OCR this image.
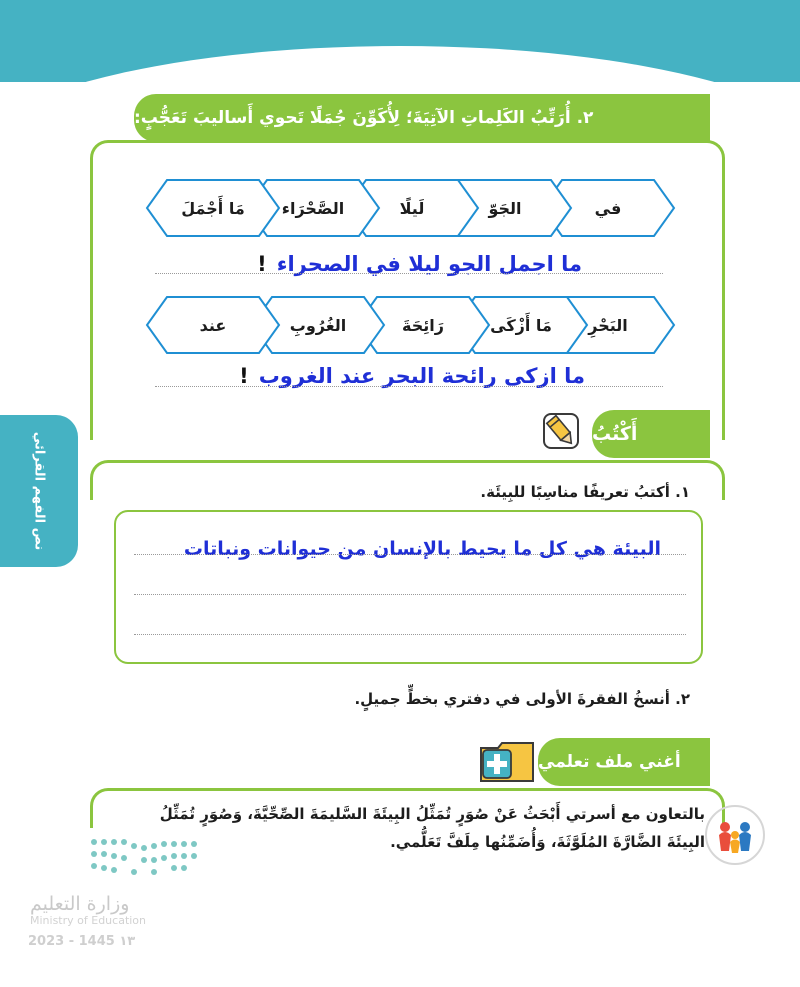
نص الفهم القرائي
٢. أُرَتِّبُ الكَلِماتِ الآتِيَةَ؛ لِأُكَوِّنَ جُمَلًا تَحوي أَساليبَ تَعَجُّبٍ:
في
الجَوّ
لَيلًا
الصَّحْرَاء
مَا أَجْمَلَ
ما اجمل الجو ليلا في الصحراء!
البَحْرِ
مَا أَزْكَى
رَائِحَةَ
الغُرُوبِ
عند
ما ازكى رائحة البحر عند الغروب!
أَكْتُبُ
١. أكتبُ تعريفًا مناسِبًا للبِيئَة.
البيئة هي كل ما يحيط بالإنسان من حيوانات ونباتات
٢. أنسخُ الفقرةَ الأولى في دفتري بخطٍّ جميلٍ.
أغني ملف تعلمي
بالتعاون مع أسرتي أَبْحَثُ عَنْ صُوَرٍ تُمَثِّلُ البِيئَةَ السَّليمَةَ الصِّحِّيَّةَ، وَصُوَرٍ تُمَثِّلُ البِيئَةَ الضَّارَّةَ المُلَوَّثَةَ، وَأُضَمِّنُها مِلَفَّ تَعَلُّمي.
وزارة التعليم
Ministry of Education
2023 - 1445 ١٣
